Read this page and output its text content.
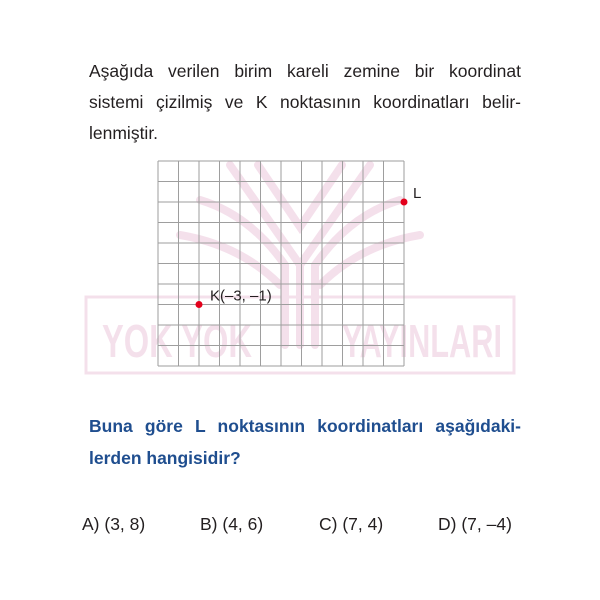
Aşağıda verilen birim kareli zemine bir koordinat
sistemi çizilmiş ve K noktasının koordinatları belir-
lenmiştir.

YOK YOK YAYINLARI
K(–3, –1)
L

Buna göre L noktasının koordinatları aşağıdaki-
lerden hangisidir?

A) (3, 8)	B) (4, 6)	C) (7, 4)	D) (7, –4)
